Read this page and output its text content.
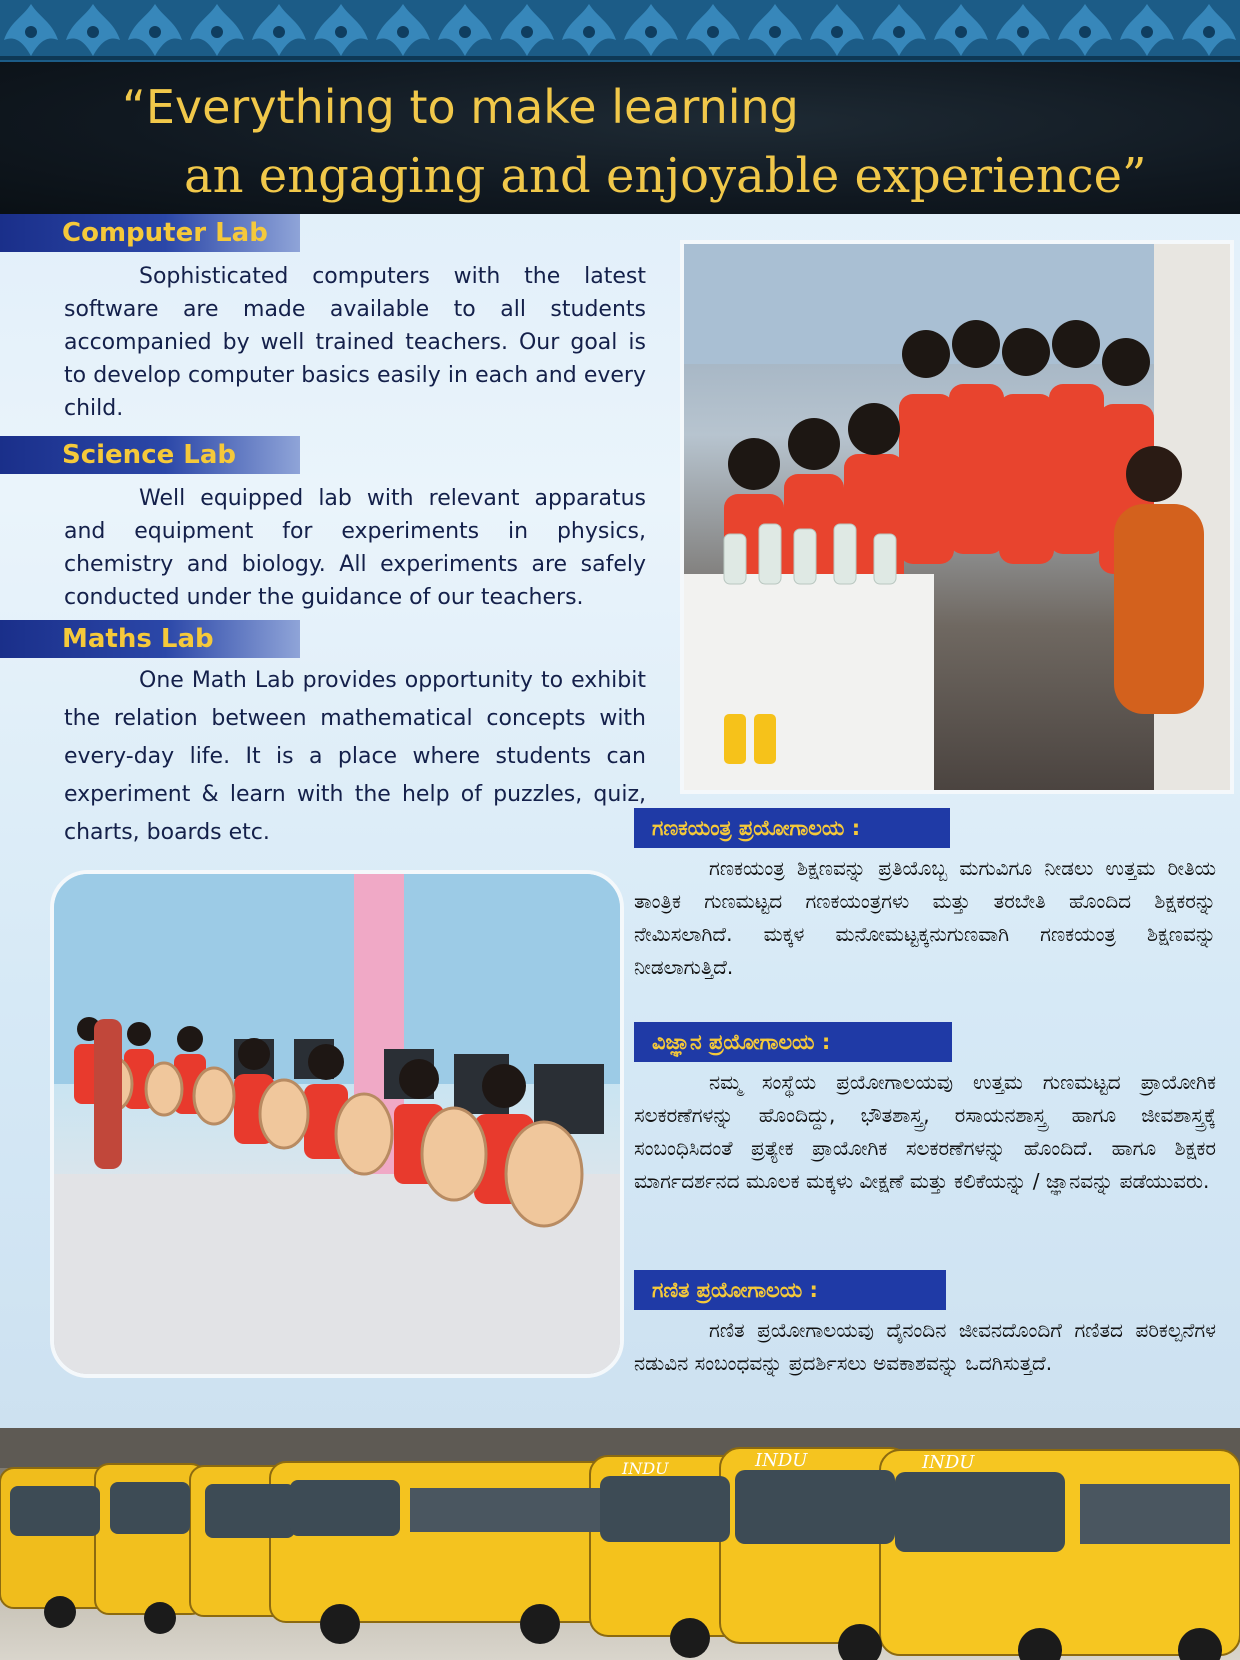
“Everything to make learning
an engaging and enjoyable experience”
Computer Lab

Sophisticated computers with the latest software are made available to all students accompanied by well trained teachers. Our goal is to develop computer basics easily in each and every child.

Science Lab

Well equipped lab with relevant apparatus and equipment for experiments in physics, chemistry and biology. All experiments are safely conducted under the guidance of our teachers.

Maths Lab

One Math Lab provides opportunity to exhibit the relation between mathematical concepts with every-day life. It is a place where students can experiment & learn with the help of puzzles, quiz, charts, boards etc.	ಗಣಕಯಂತ್ರ ಪ್ರಯೋಗಾಲಯ :

ಗಣಕಯಂತ್ರ ಶಿಕ್ಷಣವನ್ನು ಪ್ರತಿಯೊಬ್ಬ ಮಗುವಿಗೂ ನೀಡಲು ಉತ್ತಮ ರೀತಿಯ ತಾಂತ್ರಿಕ ಗುಣಮಟ್ಟದ ಗಣಕಯಂತ್ರಗಳು ಮತ್ತು ತರಬೇತಿ ಹೊಂದಿದ ಶಿಕ್ಷಕರನ್ನು ನೇಮಿಸಲಾಗಿದೆ. ಮಕ್ಕಳ ಮನೋಮಟ್ಟಕ್ಕನುಗುಣವಾಗಿ ಗಣಕಯಂತ್ರ ಶಿಕ್ಷಣವನ್ನು ನೀಡಲಾಗುತ್ತಿದೆ.

ವಿಜ್ಞಾನ ಪ್ರಯೋಗಾಲಯ :

ನಮ್ಮ ಸಂಸ್ಥೆಯ ಪ್ರಯೋಗಾಲಯವು ಉತ್ತಮ ಗುಣಮಟ್ಟದ ಪ್ರಾಯೋಗಿಕ ಸಲಕರಣೆಗಳನ್ನು ಹೊಂದಿದ್ದು, ಭೌತಶಾಸ್ತ್ರ, ರಸಾಯನಶಾಸ್ತ್ರ ಹಾಗೂ ಜೀವಶಾಸ್ತ್ರಕ್ಕೆ ಸಂಬಂಧಿಸಿದಂತೆ ಪ್ರತ್ಯೇಕ ಪ್ರಾಯೋಗಿಕ ಸಲಕರಣೆಗಳನ್ನು ಹೊಂದಿದೆ. ಹಾಗೂ ಶಿಕ್ಷಕರ ಮಾರ್ಗದರ್ಶನದ ಮೂಲಕ ಮಕ್ಕಳು ವೀಕ್ಷಣೆ ಮತ್ತು ಕಲಿಕೆಯನ್ನು / ಜ್ಞಾನವನ್ನು ಪಡೆಯುವರು.

ಗಣಿತ ಪ್ರಯೋಗಾಲಯ :

ಗಣಿತ ಪ್ರಯೋಗಾಲಯವು ದೈನಂದಿನ ಜೀವನದೊಂದಿಗೆ ಗಣಿತದ ಪರಿಕಲ್ಪನೆಗಳ ನಡುವಿನ ಸಂಬಂಧವನ್ನು ಪ್ರದರ್ಶಿಸಲು ಅವಕಾಶವನ್ನು ಒದಗಿಸುತ್ತದೆ.

INDU	INDU
INDU
